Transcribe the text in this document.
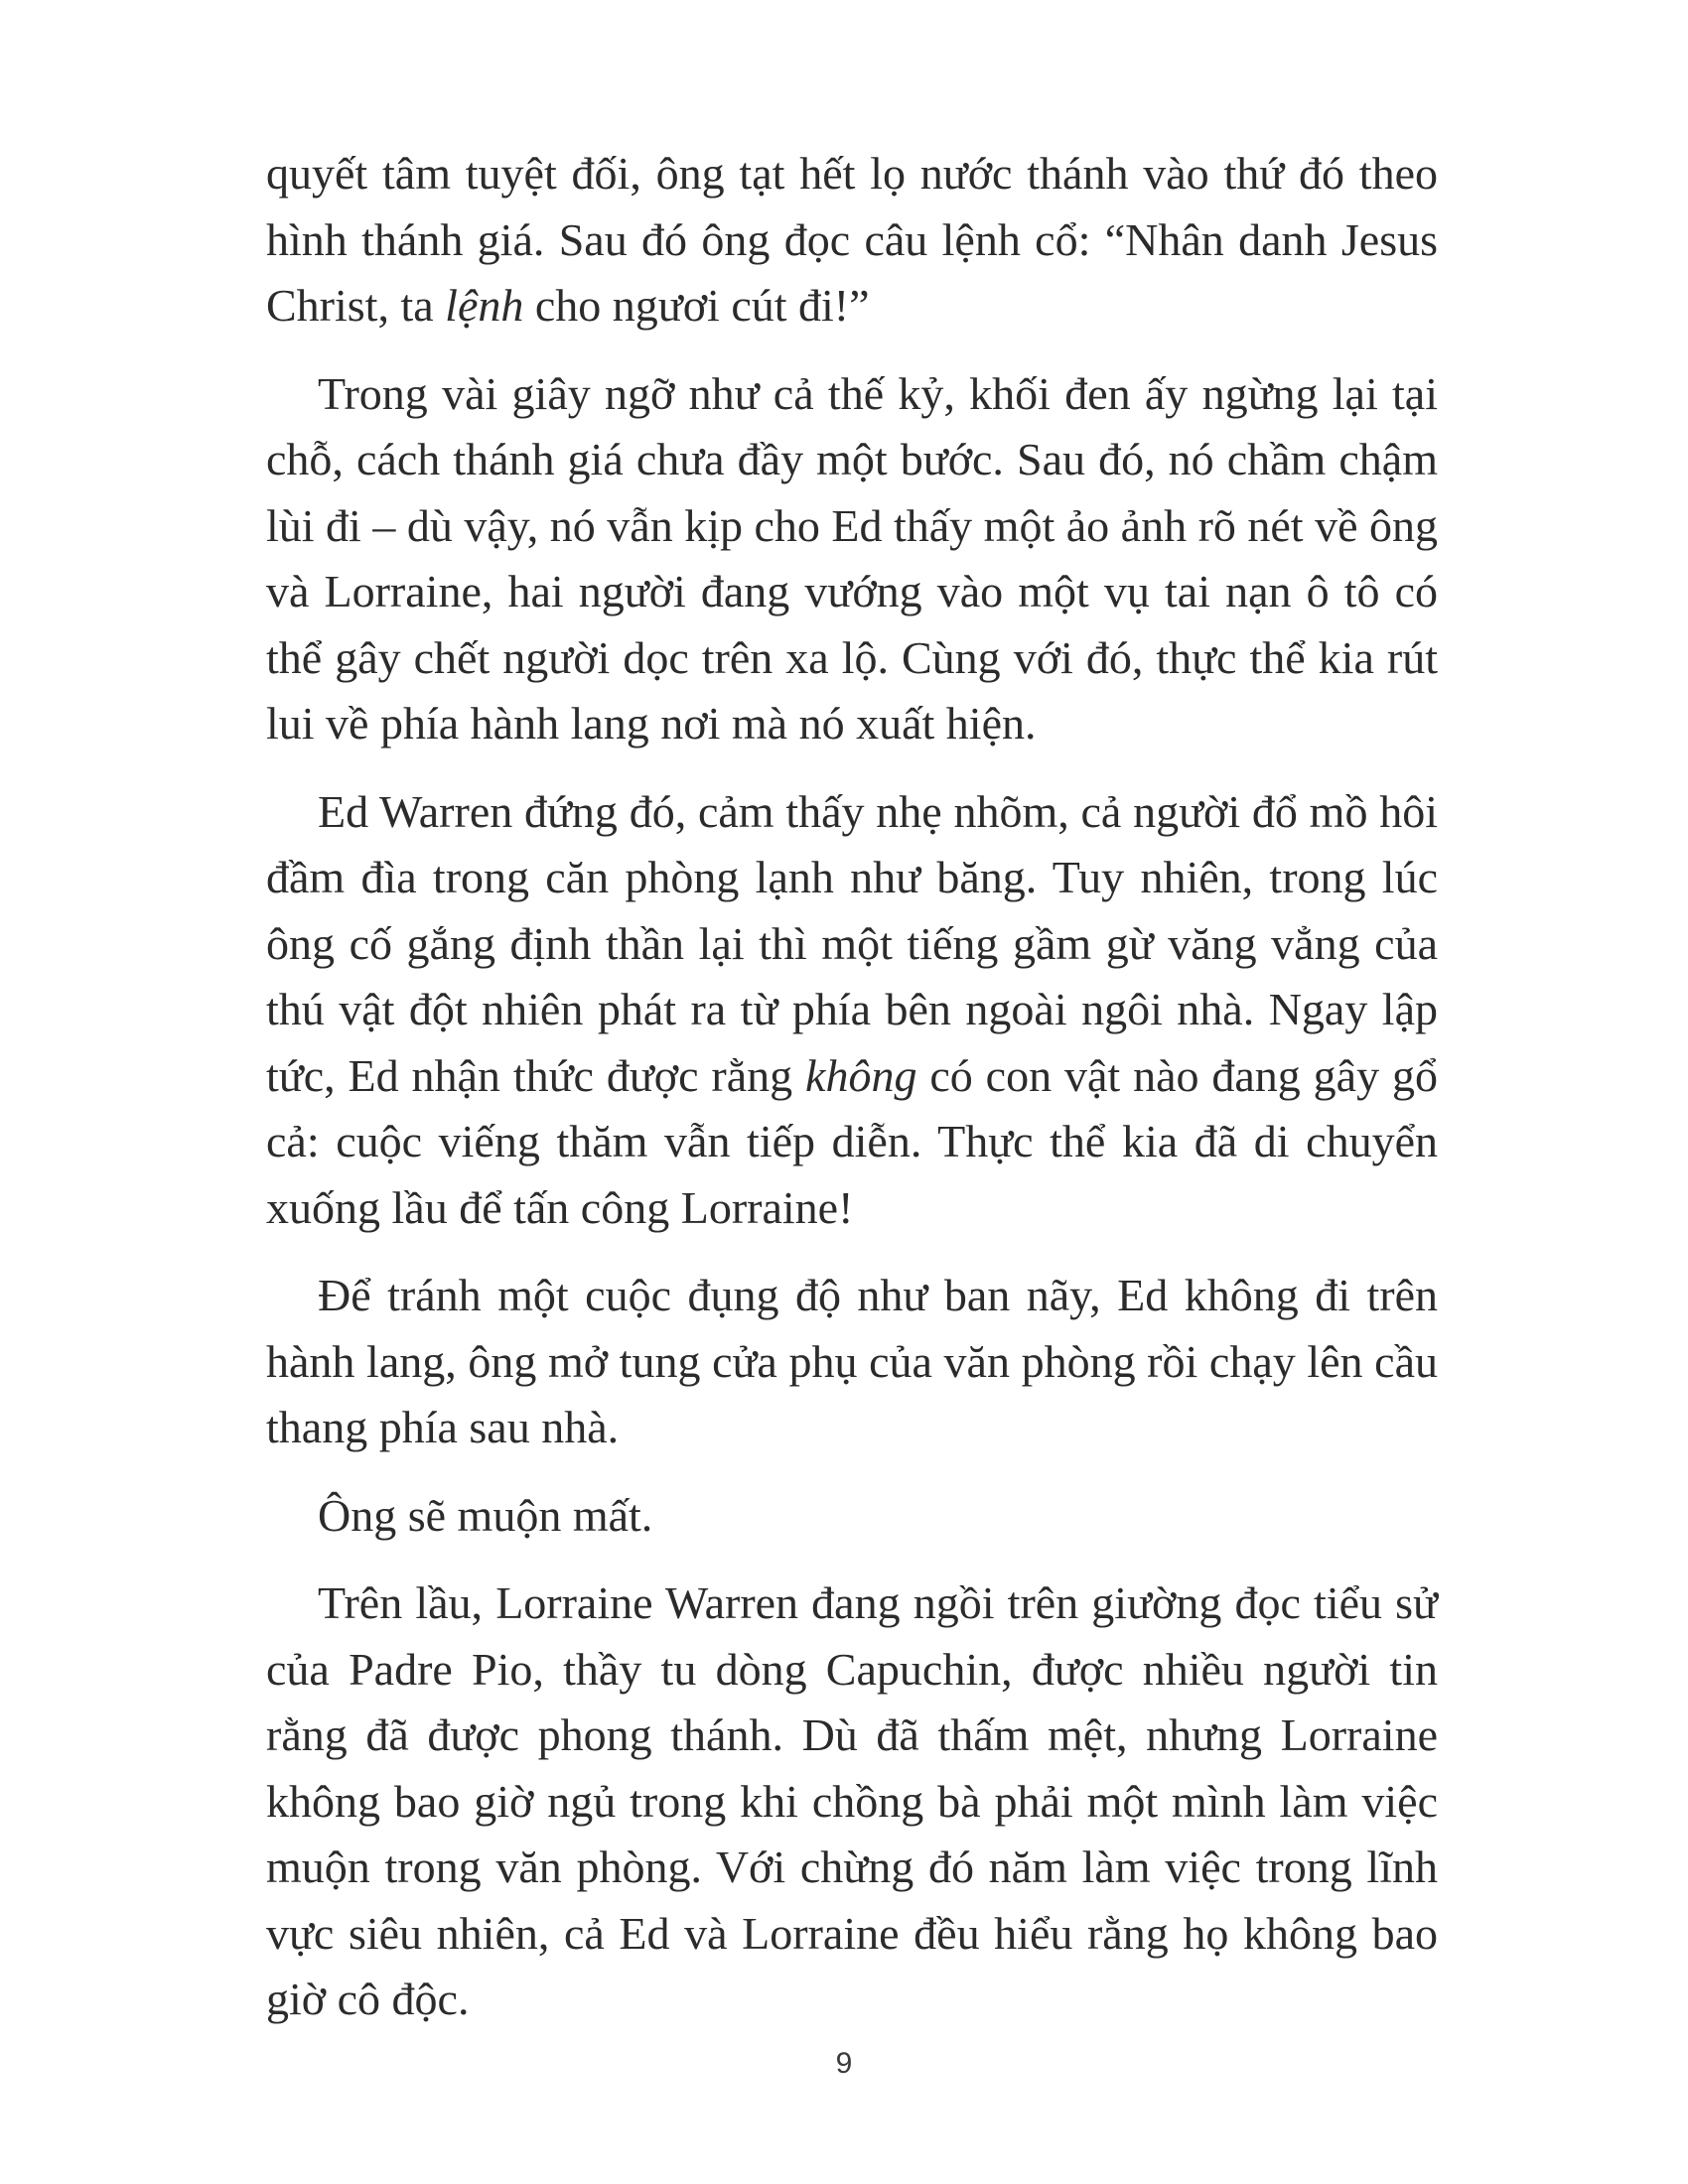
quyết tâm tuyệt đối, ông tạt hết lọ nước thánh vào thứ đó theo hình thánh giá. Sau đó ông đọc câu lệnh cổ: “Nhân danh Jesus Christ, ta lệnh cho ngươi cút đi!”

Trong vài giây ngỡ như cả thế kỷ, khối đen ấy ngừng lại tại chỗ, cách thánh giá chưa đầy một bước. Sau đó, nó chầm chậm lùi đi – dù vậy, nó vẫn kịp cho Ed thấy một ảo ảnh rõ nét về ông và Lorraine, hai người đang vướng vào một vụ tai nạn ô tô có thể gây chết người dọc trên xa lộ. Cùng với đó, thực thể kia rút lui về phía hành lang nơi mà nó xuất hiện.

Ed Warren đứng đó, cảm thấy nhẹ nhõm, cả người đổ mồ hôi đầm đìa trong căn phòng lạnh như băng. Tuy nhiên, trong lúc ông cố gắng định thần lại thì một tiếng gầm gừ văng vẳng của thú vật đột nhiên phát ra từ phía bên ngoài ngôi nhà. Ngay lập tức, Ed nhận thức được rằng không có con vật nào đang gây gổ cả: cuộc viếng thăm vẫn tiếp diễn. Thực thể kia đã di chuyển xuống lầu để tấn công Lorraine!

Để tránh một cuộc đụng độ như ban nãy, Ed không đi trên hành lang, ông mở tung cửa phụ của văn phòng rồi chạy lên cầu thang phía sau nhà.

Ông sẽ muộn mất.

Trên lầu, Lorraine Warren đang ngồi trên giường đọc tiểu sử của Padre Pio, thầy tu dòng Capuchin, được nhiều người tin rằng đã được phong thánh. Dù đã thấm mệt, nhưng Lorraine không bao giờ ngủ trong khi chồng bà phải một mình làm việc muộn trong văn phòng. Với chừng đó năm làm việc trong lĩnh vực siêu nhiên, cả Ed và Lorraine đều hiểu rằng họ không bao giờ cô độc.

9
